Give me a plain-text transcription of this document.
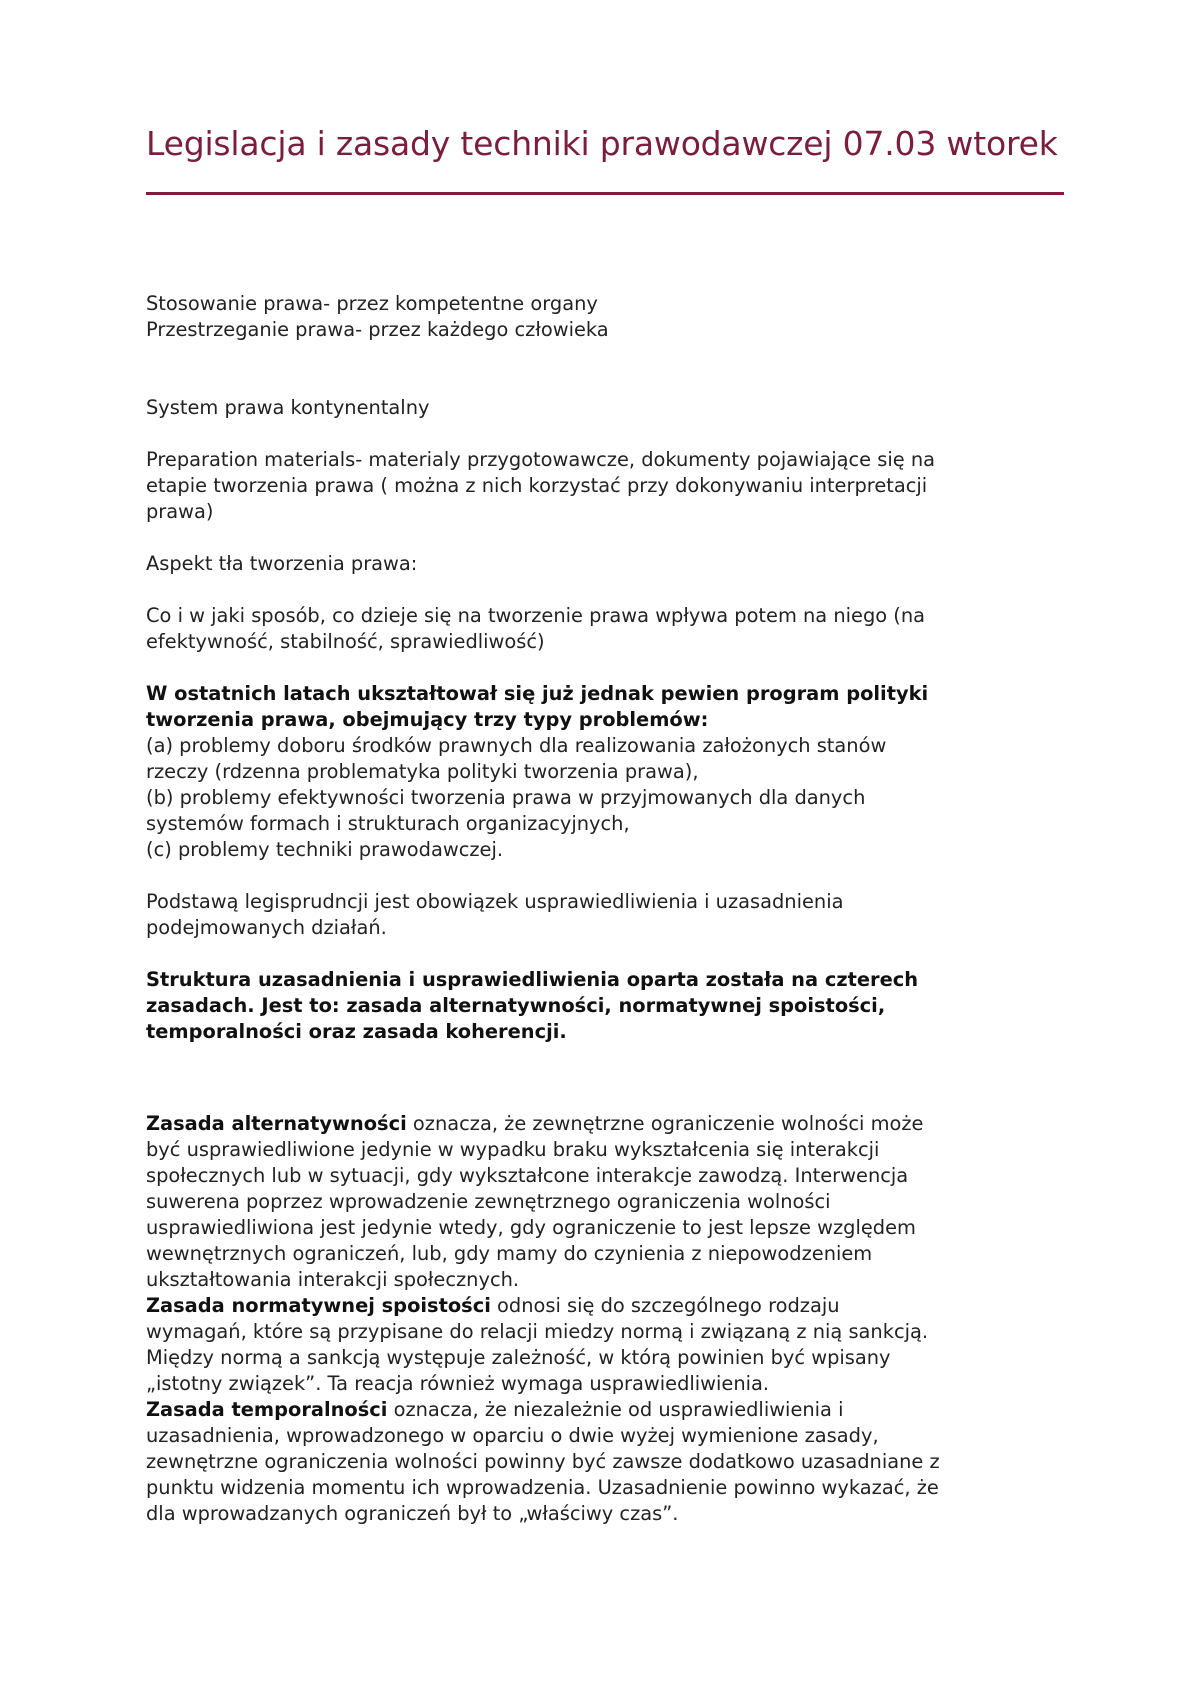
Legislacja i zasady techniki prawodawczej 07.03 wtorek

Stosowanie prawa- przez kompetentne organy
Przestrzeganie prawa- przez każdego człowieka

System prawa kontynentalny

Preparation materials- materialy przygotowawcze, dokumenty pojawiające się na
etapie tworzenia prawa ( można z nich korzystać przy dokonywaniu interpretacji
prawa)

Aspekt tła tworzenia prawa:

Co i w jaki sposób, co dzieje się na tworzenie prawa wpływa potem na niego (na
efektywność, stabilność, sprawiedliwość)

W ostatnich latach ukształtował się już jednak pewien program polityki
tworzenia prawa, obejmujący trzy typy problemów:
(a) problemy doboru środków prawnych dla realizowania założonych stanów
rzeczy (rdzenna problematyka polityki tworzenia prawa),
(b) problemy efektywności tworzenia prawa w przyjmowanych dla danych
systemów formach i strukturach organizacyjnych,
(c) problemy techniki prawodawczej.

Podstawą legisprudncji jest obowiązek usprawiedliwienia i uzasadnienia
podejmowanych działań.

Struktura uzasadnienia i usprawiedliwienia oparta została na czterech
zasadach. Jest to: zasada alternatywności, normatywnej spoistości,
temporalności oraz zasada koherencji.

Zasada alternatywności oznacza, że zewnętrzne ograniczenie wolności może
być usprawiedliwione jedynie w wypadku braku wykształcenia się interakcji
społecznych lub w sytuacji, gdy wykształcone interakcje zawodzą. Interwencja
suwerena poprzez wprowadzenie zewnętrznego ograniczenia wolności
usprawiedliwiona jest jedynie wtedy, gdy ograniczenie to jest lepsze względem
wewnętrznych ograniczeń, lub, gdy mamy do czynienia z niepowodzeniem
ukształtowania interakcji społecznych.

Zasada normatywnej spoistości odnosi się do szczególnego rodzaju
wymagań, które są przypisane do relacji miedzy normą i związaną z nią sankcją.
Między normą a sankcją występuje zależność, w którą powinien być wpisany
„istotny związek”. Ta reacja również wymaga usprawiedliwienia.

Zasada temporalności oznacza, że niezależnie od usprawiedliwienia i
uzasadnienia, wprowadzonego w oparciu o dwie wyżej wymienione zasady,
zewnętrzne ograniczenia wolności powinny być zawsze dodatkowo uzasadniane z
punktu widzenia momentu ich wprowadzenia. Uzasadnienie powinno wykazać, że
dla wprowadzanych ograniczeń był to „właściwy czas”.
